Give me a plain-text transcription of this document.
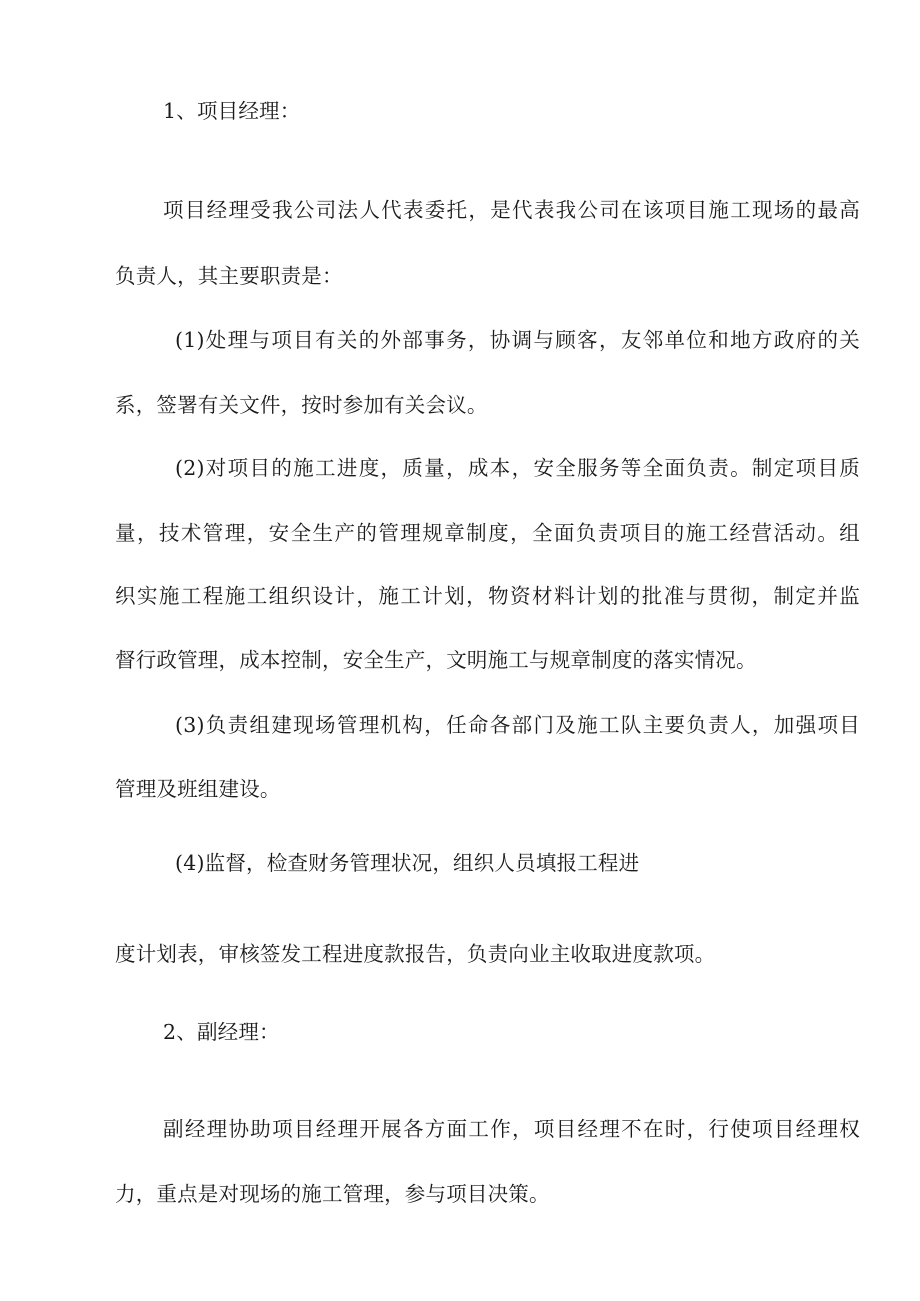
1、项目经理：
项目经理受我公司法人代表委托，是代表我公司在该项目施工现场的最高
负责人，其主要职责是：
(1)处理与项目有关的外部事务，协调与顾客，友邻单位和地方政府的关
系，签署有关文件，按时参加有关会议。
(2)对项目的施工进度，质量，成本，安全服务等全面负责。制定项目质
量，技术管理，安全生产的管理规章制度，全面负责项目的施工经营活动。组
织实施工程施工组织设计，施工计划，物资材料计划的批准与贯彻，制定并监
督行政管理，成本控制，安全生产，文明施工与规章制度的落实情况。
(3)负责组建现场管理机构，任命各部门及施工队主要负责人，加强项目
管理及班组建设。
(4)监督，检查财务管理状况，组织人员填报工程进
度计划表，审核签发工程进度款报告，负责向业主收取进度款项。
2、副经理：
副经理协助项目经理开展各方面工作，项目经理不在时，行使项目经理权
力，重点是对现场的施工管理，参与项目决策。
